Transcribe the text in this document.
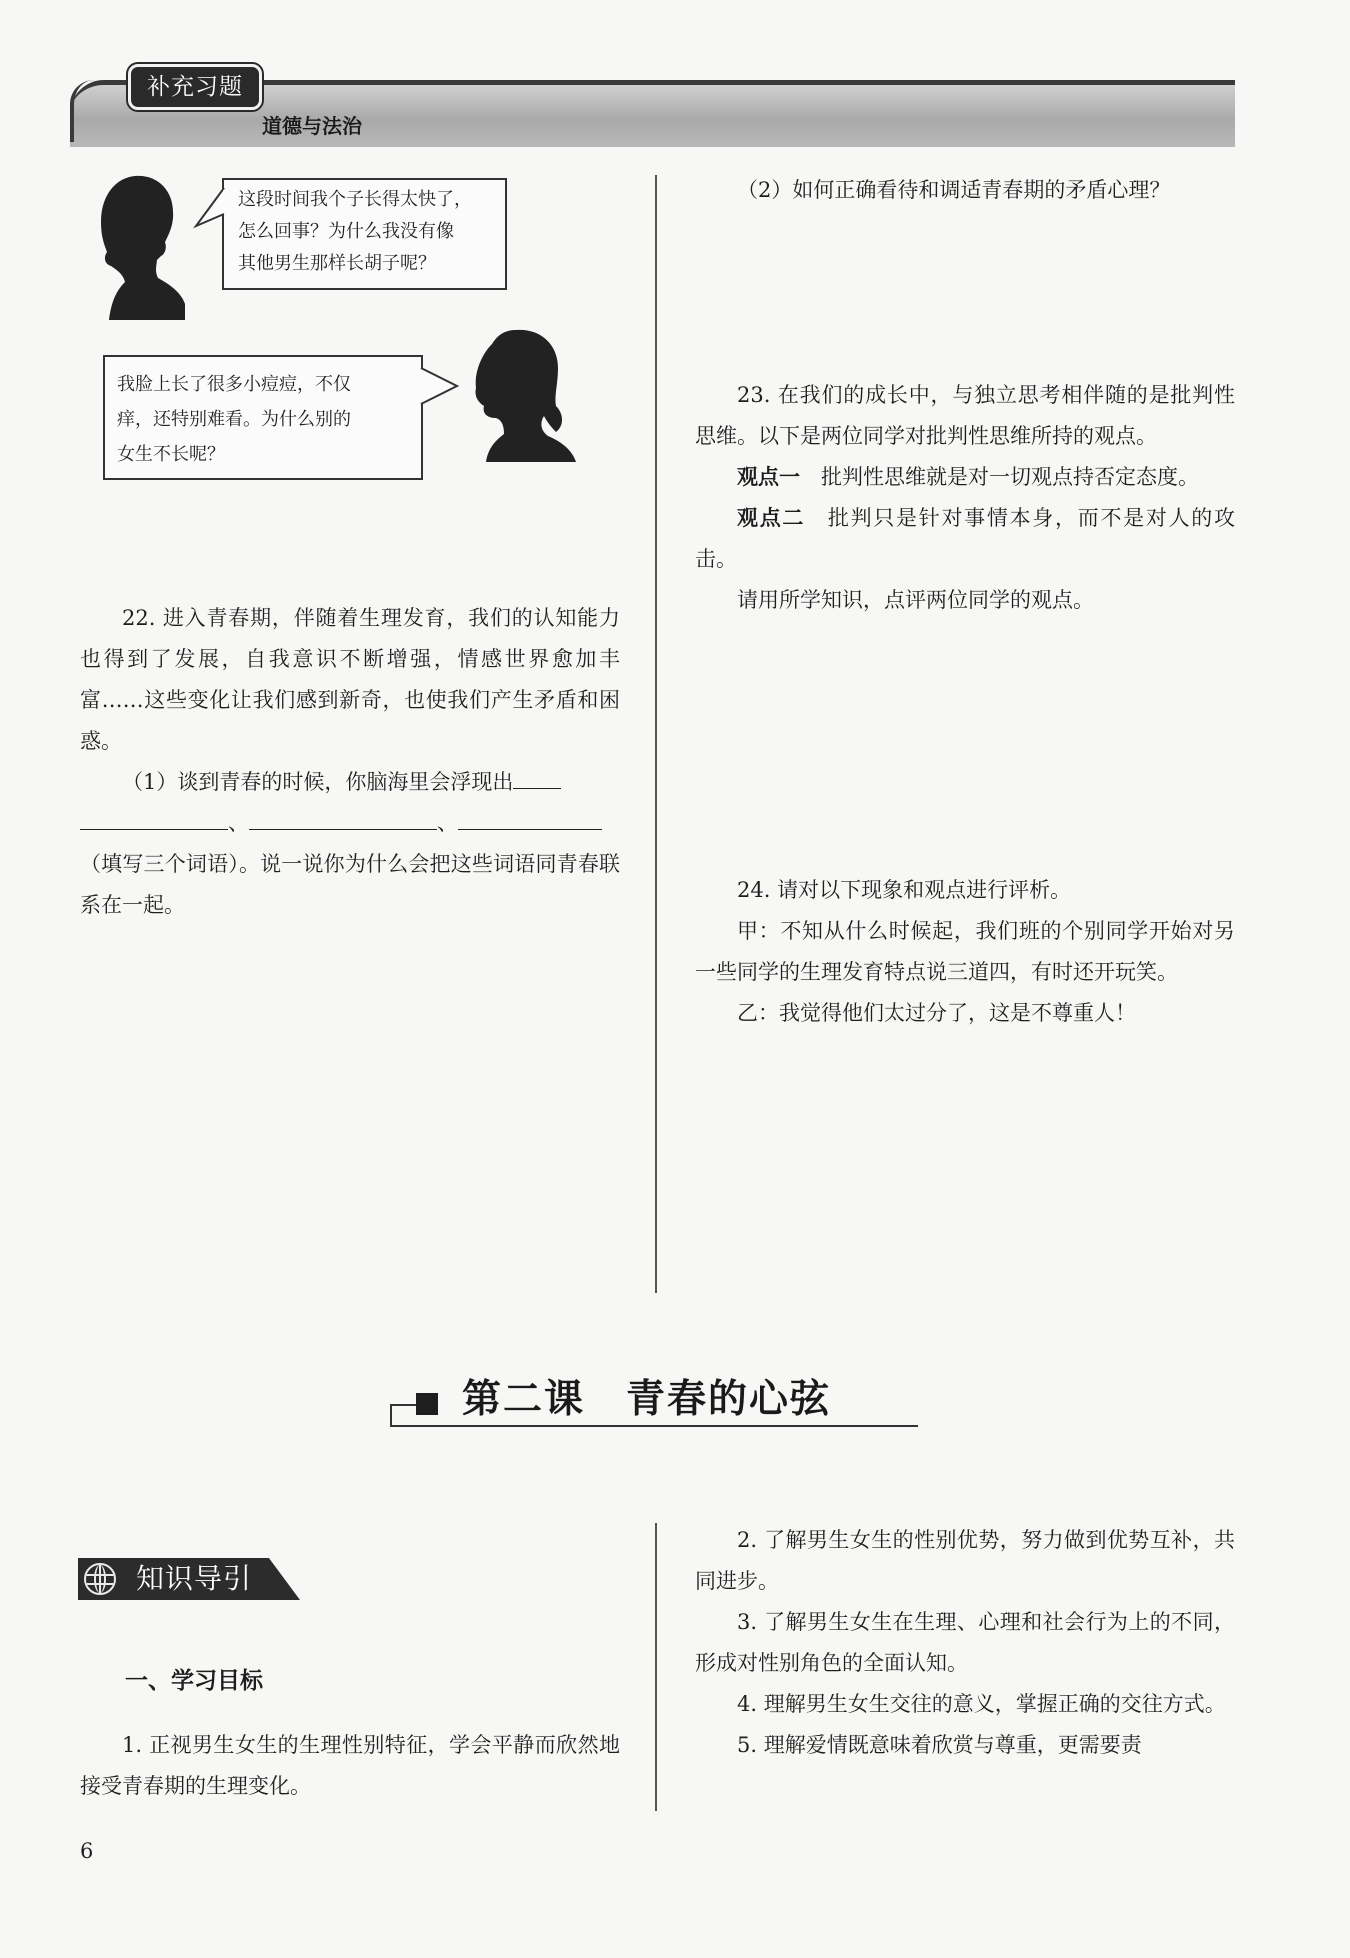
补充习题
道德与法治
这段时间我个子长得太快了，
怎么回事？为什么我没有像
其他男生那样长胡子呢？
我脸上长了很多小痘痘，不仅
痒，还特别难看。为什么别的
女生不长呢？

22. 进入青春期，伴随着生理发育，我们的认知能力也得到了发展，自我意识不断增强，情感世界愈加丰富……这些变化让我们感到新奇，也使我们产生矛盾和困惑。

（1）谈到青春的时候，你脑海里会浮现出

、	、

（填写三个词语）。说一说你为什么会把这些词语同青春联系在一起。

（2）如何正确看待和调适青春期的矛盾心理？

23. 在我们的成长中，与独立思考相伴随的是批判性思维。以下是两位同学对批判性思维所持的观点。

观点一　 批判性思维就是对一切观点持否定态度。

观点二　 批判只是针对事情本身，而不是对人的攻击。

请用所学知识，点评两位同学的观点。

24. 请对以下现象和观点进行评析。

甲：不知从什么时候起，我们班的个别同学开始对另一些同学的生理发育特点说三道四，有时还开玩笑。

乙：我觉得他们太过分了，这是不尊重人！

第二课　青春的心弦
知识导引
一、学习目标

1. 正视男生女生的生理性别特征，学会平静而欣然地接受青春期的生理变化。

2. 了解男生女生的性别优势，努力做到优势互补，共同进步。

3. 了解男生女生在生理、心理和社会行为上的不同，形成对性别角色的全面认知。

4. 理解男生女生交往的意义，掌握正确的交往方式。

5. 理解爱情既意味着欣赏与尊重，更需要责

6
